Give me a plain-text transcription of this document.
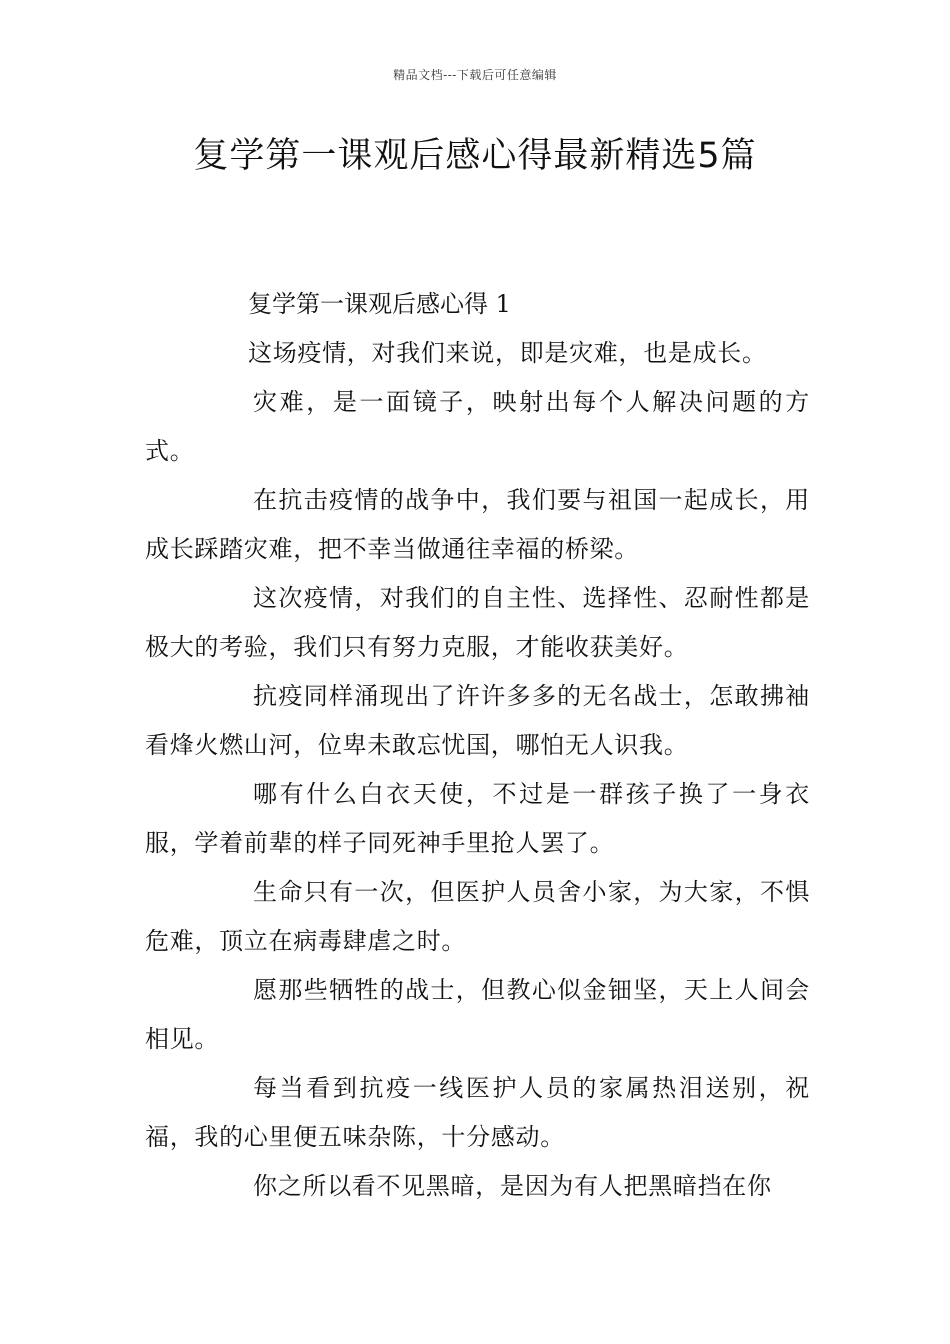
精品文档---下载后可任意编辑
复学第一课观后感心得最新精选5篇

复学第一课观后感心得 1

这场疫情，对我们来说，即是灾难，也是成长。

灾难，是一面镜子，映射出每个人解决问题的方式。

在抗击疫情的战争中，我们要与祖国一起成长，用成长踩踏灾难，把不幸当做通往幸福的桥梁。

这次疫情，对我们的自主性、选择性、忍耐性都是极大的考验，我们只有努力克服，才能收获美好。

抗疫同样涌现出了许许多多的无名战士，怎敢拂袖看烽火燃山河，位卑未敢忘忧国，哪怕无人识我。

哪有什么白衣天使，不过是一群孩子换了一身衣服，学着前辈的样子同死神手里抢人罢了。

生命只有一次，但医护人员舍小家，为大家，不惧危难，顶立在病毒肆虐之时。

愿那些牺牲的战士，但教心似金钿坚，天上人间会相见。

每当看到抗疫一线医护人员的家属热泪送别，祝福，我的心里便五味杂陈，十分感动。

你之所以看不见黑暗，是因为有人把黑暗挡在你
